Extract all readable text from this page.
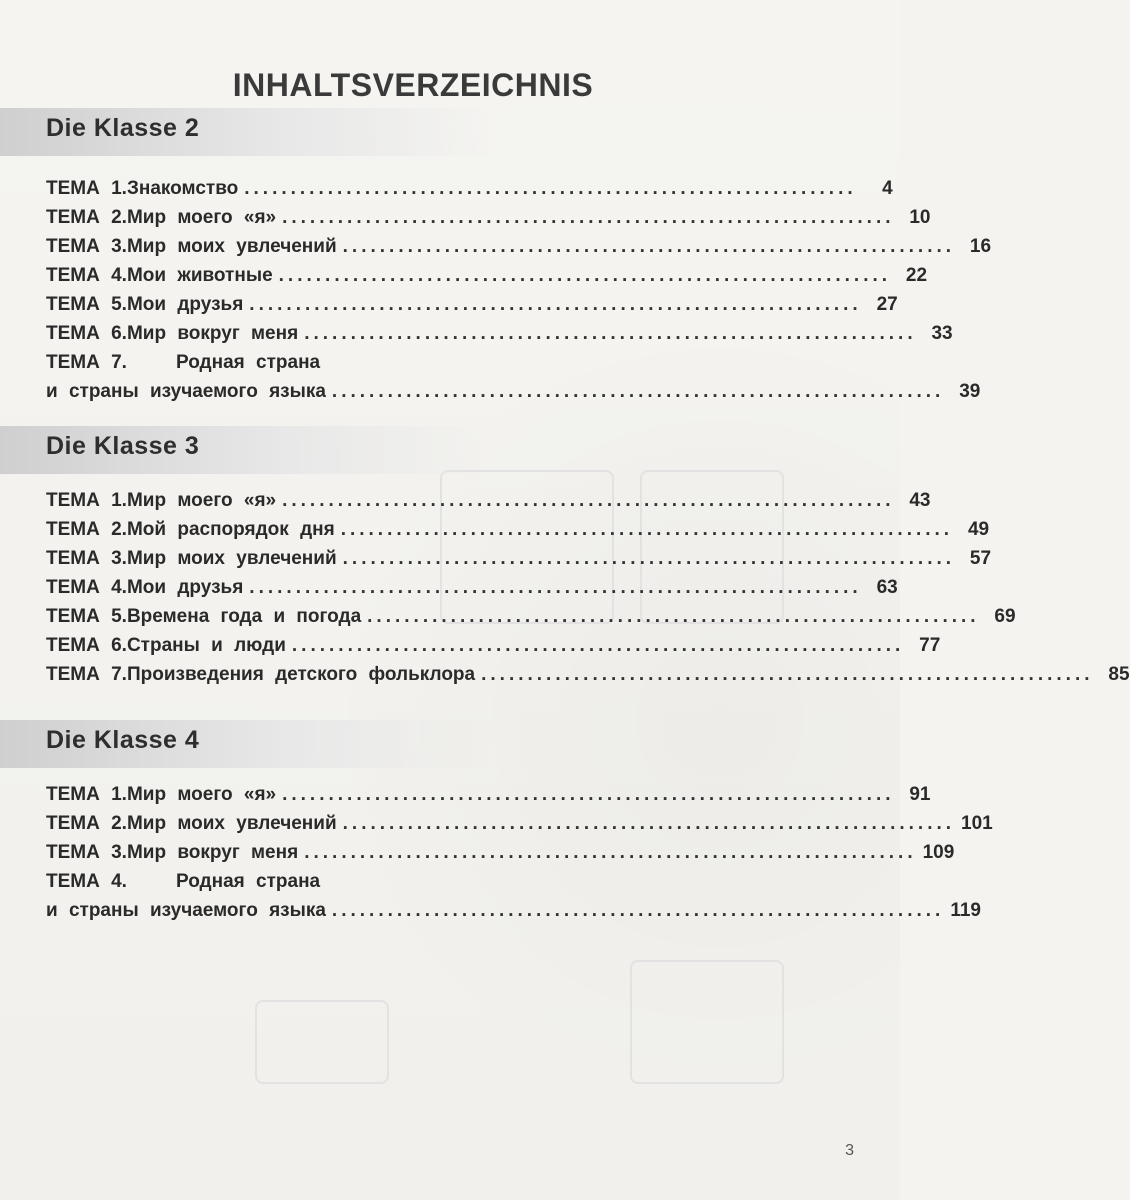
INHALTSVERZEICHNIS
Die Klasse 2
ТЕМА 1. Знакомство ..................................................................	4
ТЕМА 2. Мир моего «я» .................................................................. 10
ТЕМА 3. Мир моих увлечений .................................................................. 16
ТЕМА 4. Мои животные .................................................................. 22
ТЕМА 5. Мои друзья .................................................................. 27
ТЕМА 6. Мир вокруг меня .................................................................. 33
ТЕМА 7.	Родная страна
и страны изучаемого языка .................................................................. 39
Die Klasse 3
ТЕМА 1. Мир моего «я» .................................................................. 43
ТЕМА 2. Мой распорядок дня .................................................................. 49
ТЕМА 3. Мир моих увлечений .................................................................. 57
ТЕМА 4. Мои друзья .................................................................. 63
ТЕМА 5. Времена года и погода .................................................................. 69
ТЕМА 6. Страны и люди .................................................................. 77
ТЕМА 7. Произведения детского фольклора .................................................................. 85
Die Klasse 4
ТЕМА 1. Мир моего «я» .................................................................. 91
ТЕМА 2. Мир моих увлечений .................................................................. 101
ТЕМА 3. Мир вокруг меня .................................................................. 109
ТЕМА 4.	Родная страна
и страны изучаемого языка .................................................................. 119
3
